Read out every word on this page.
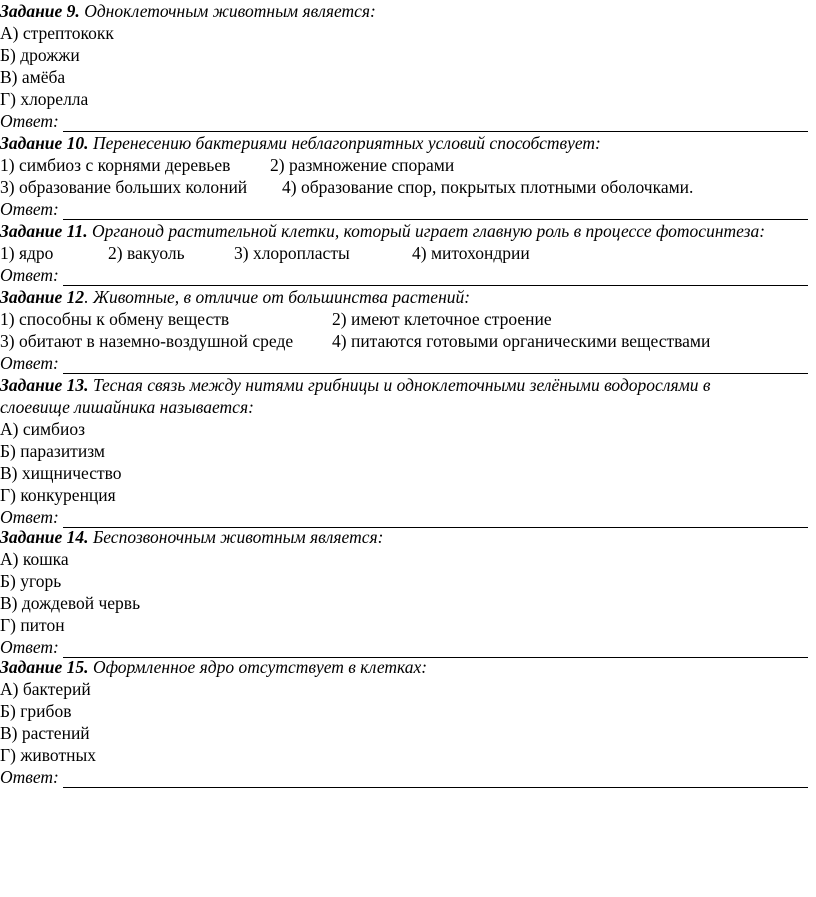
Задание 9. Одноклеточным животным является:
А) стрептококк
Б) дрожжи
В) амёба
Г) хлорелла
Ответ:
Задание 10. Перенесению бактериями неблагоприятных условий способствует:
1) симбиоз с корнями деревьев 2) размножение спорами
3) образование больших колоний 4) образование спор, покрытых плотными оболочками.
Ответ:
Задание 11. Органоид растительной клетки, который играет главную роль в процессе фотосинтеза:
1) ядро	2) вакуоль	3) хлоропласты	4) митохондрии
Ответ:
Задание 12. Животные, в отличие от большинства растений:
1) способны к обмену веществ	2) имеют клеточное строение
3) обитают в наземно-воздушной среде 4) питаются готовыми органическими веществами
Ответ:
Задание 13. Тесная связь между нитями грибницы и одноклеточными зелёными водорослями в
слоевище лишайника называется:
А) симбиоз
Б) паразитизм
В) хищничество
Г) конкуренция
Ответ:
Задание 14. Беспозвоночным животным является:
А) кошка
Б) угорь
В) дождевой червь
Г) питон
Ответ:
Задание 15. Оформленное ядро отсутствует в клетках:
А) бактерий
Б) грибов
В) растений
Г) животных
Ответ:
